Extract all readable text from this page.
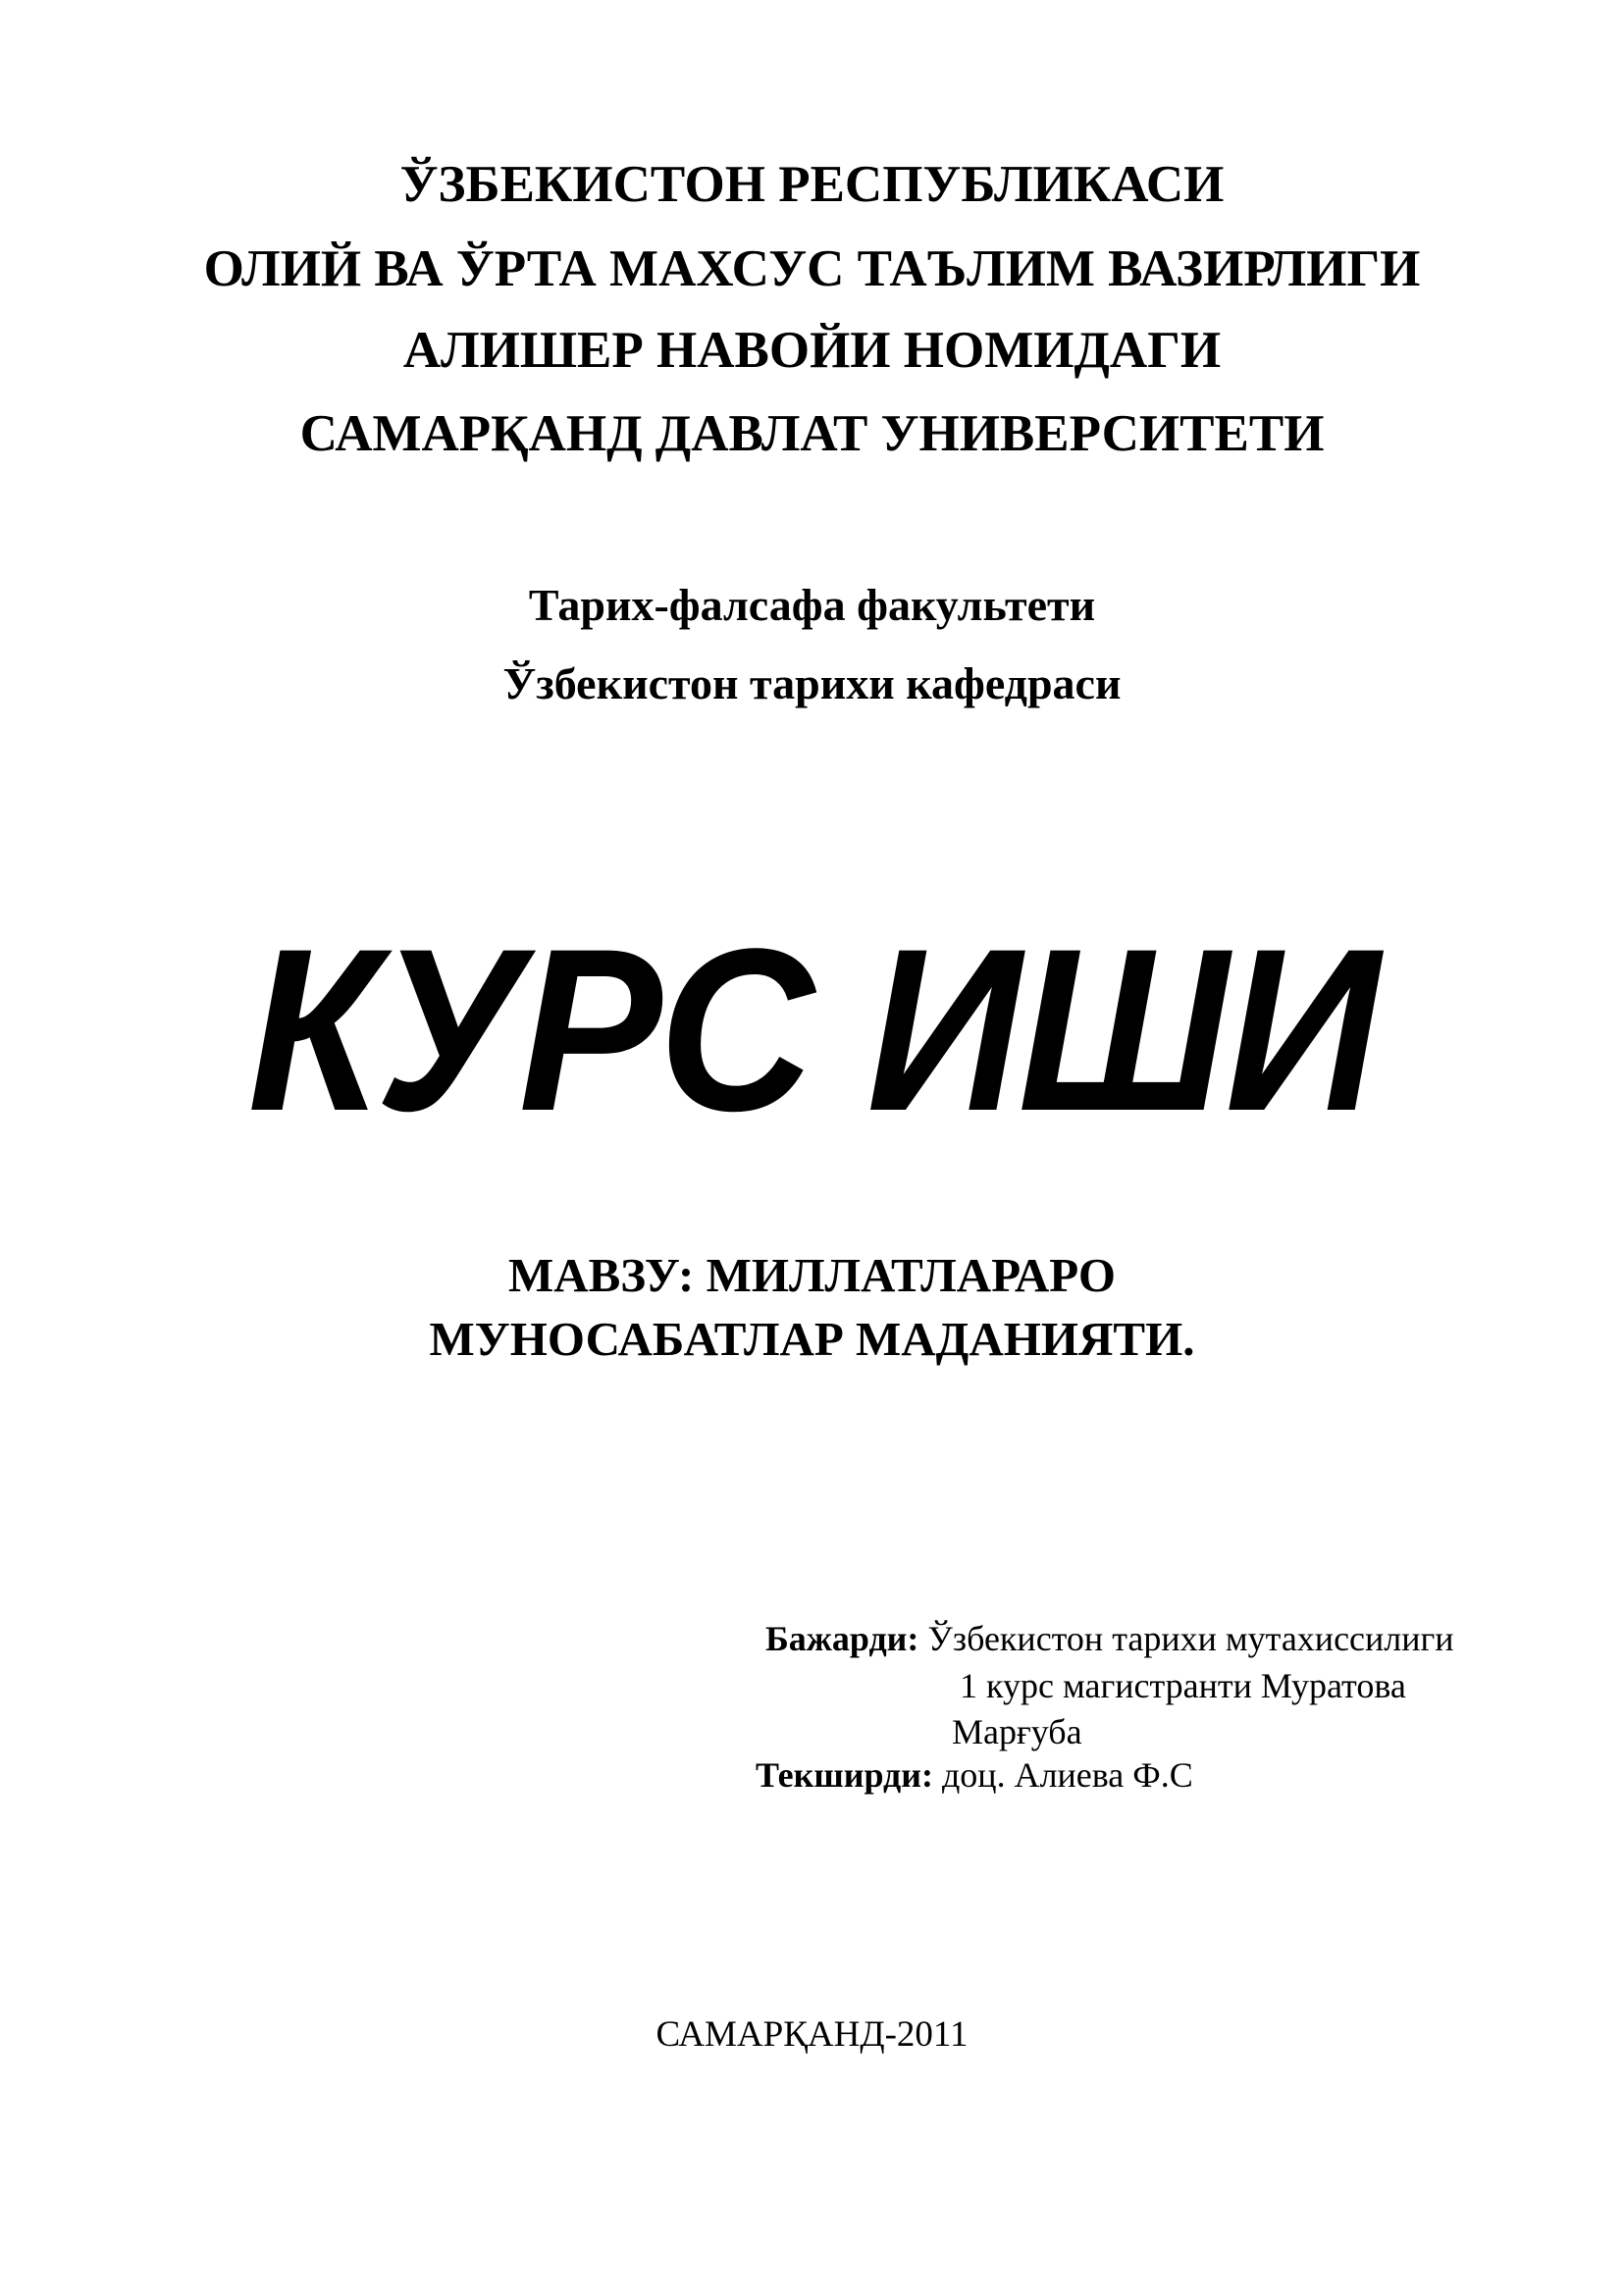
ЎЗБЕКИСТОН РЕСПУБЛИКАСИ
ОЛИЙ ВА ЎРТА МАХСУС ТАЪЛИМ ВАЗИРЛИГИ
АЛИШЕР НАВОЙИ НОМИДАГИ
САМАРҚАНД ДАВЛАТ УНИВЕРСИТЕТИ
Тарих-фалсафа факультети
Ўзбекистон тарихи кафедраси
КУРС ИШИ
МАВЗУ: МИЛЛАТЛАРАРО
МУНОСАБАТЛАР МАДАНИЯТИ.
Бажарди: Ўзбекистон тарихи мутахиссилиги
1 курс магистранти Муратова
Марғуба
Текширди: доц. Алиева Ф.С
САМАРҚАНД-2011
